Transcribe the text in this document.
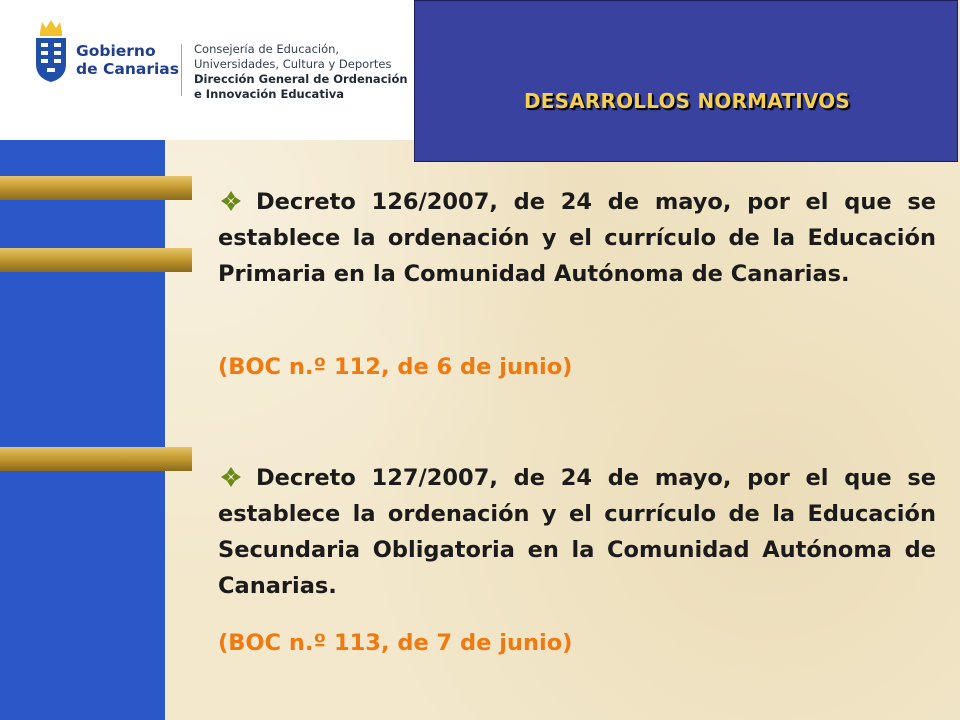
Gobierno
de Canarias
Consejería de Educación,
Universidades, Cultura y Deportes
Dirección General de Ordenación
e Innovación Educativa	DESARROLLOS NORMATIVOS
Decreto 126/2007, de 24 de mayo, por el que se establece la ordenación y el currículo de la Educación Primaria en la Comunidad Autónoma de Canarias.
(BOC n.º 112, de 6 de junio)
Decreto 127/2007, de 24 de mayo, por el que se establece la ordenación y el currículo de la Educación Secundaria Obligatoria en la Comunidad Autónoma de Canarias.
(BOC n.º 113, de 7 de junio)
